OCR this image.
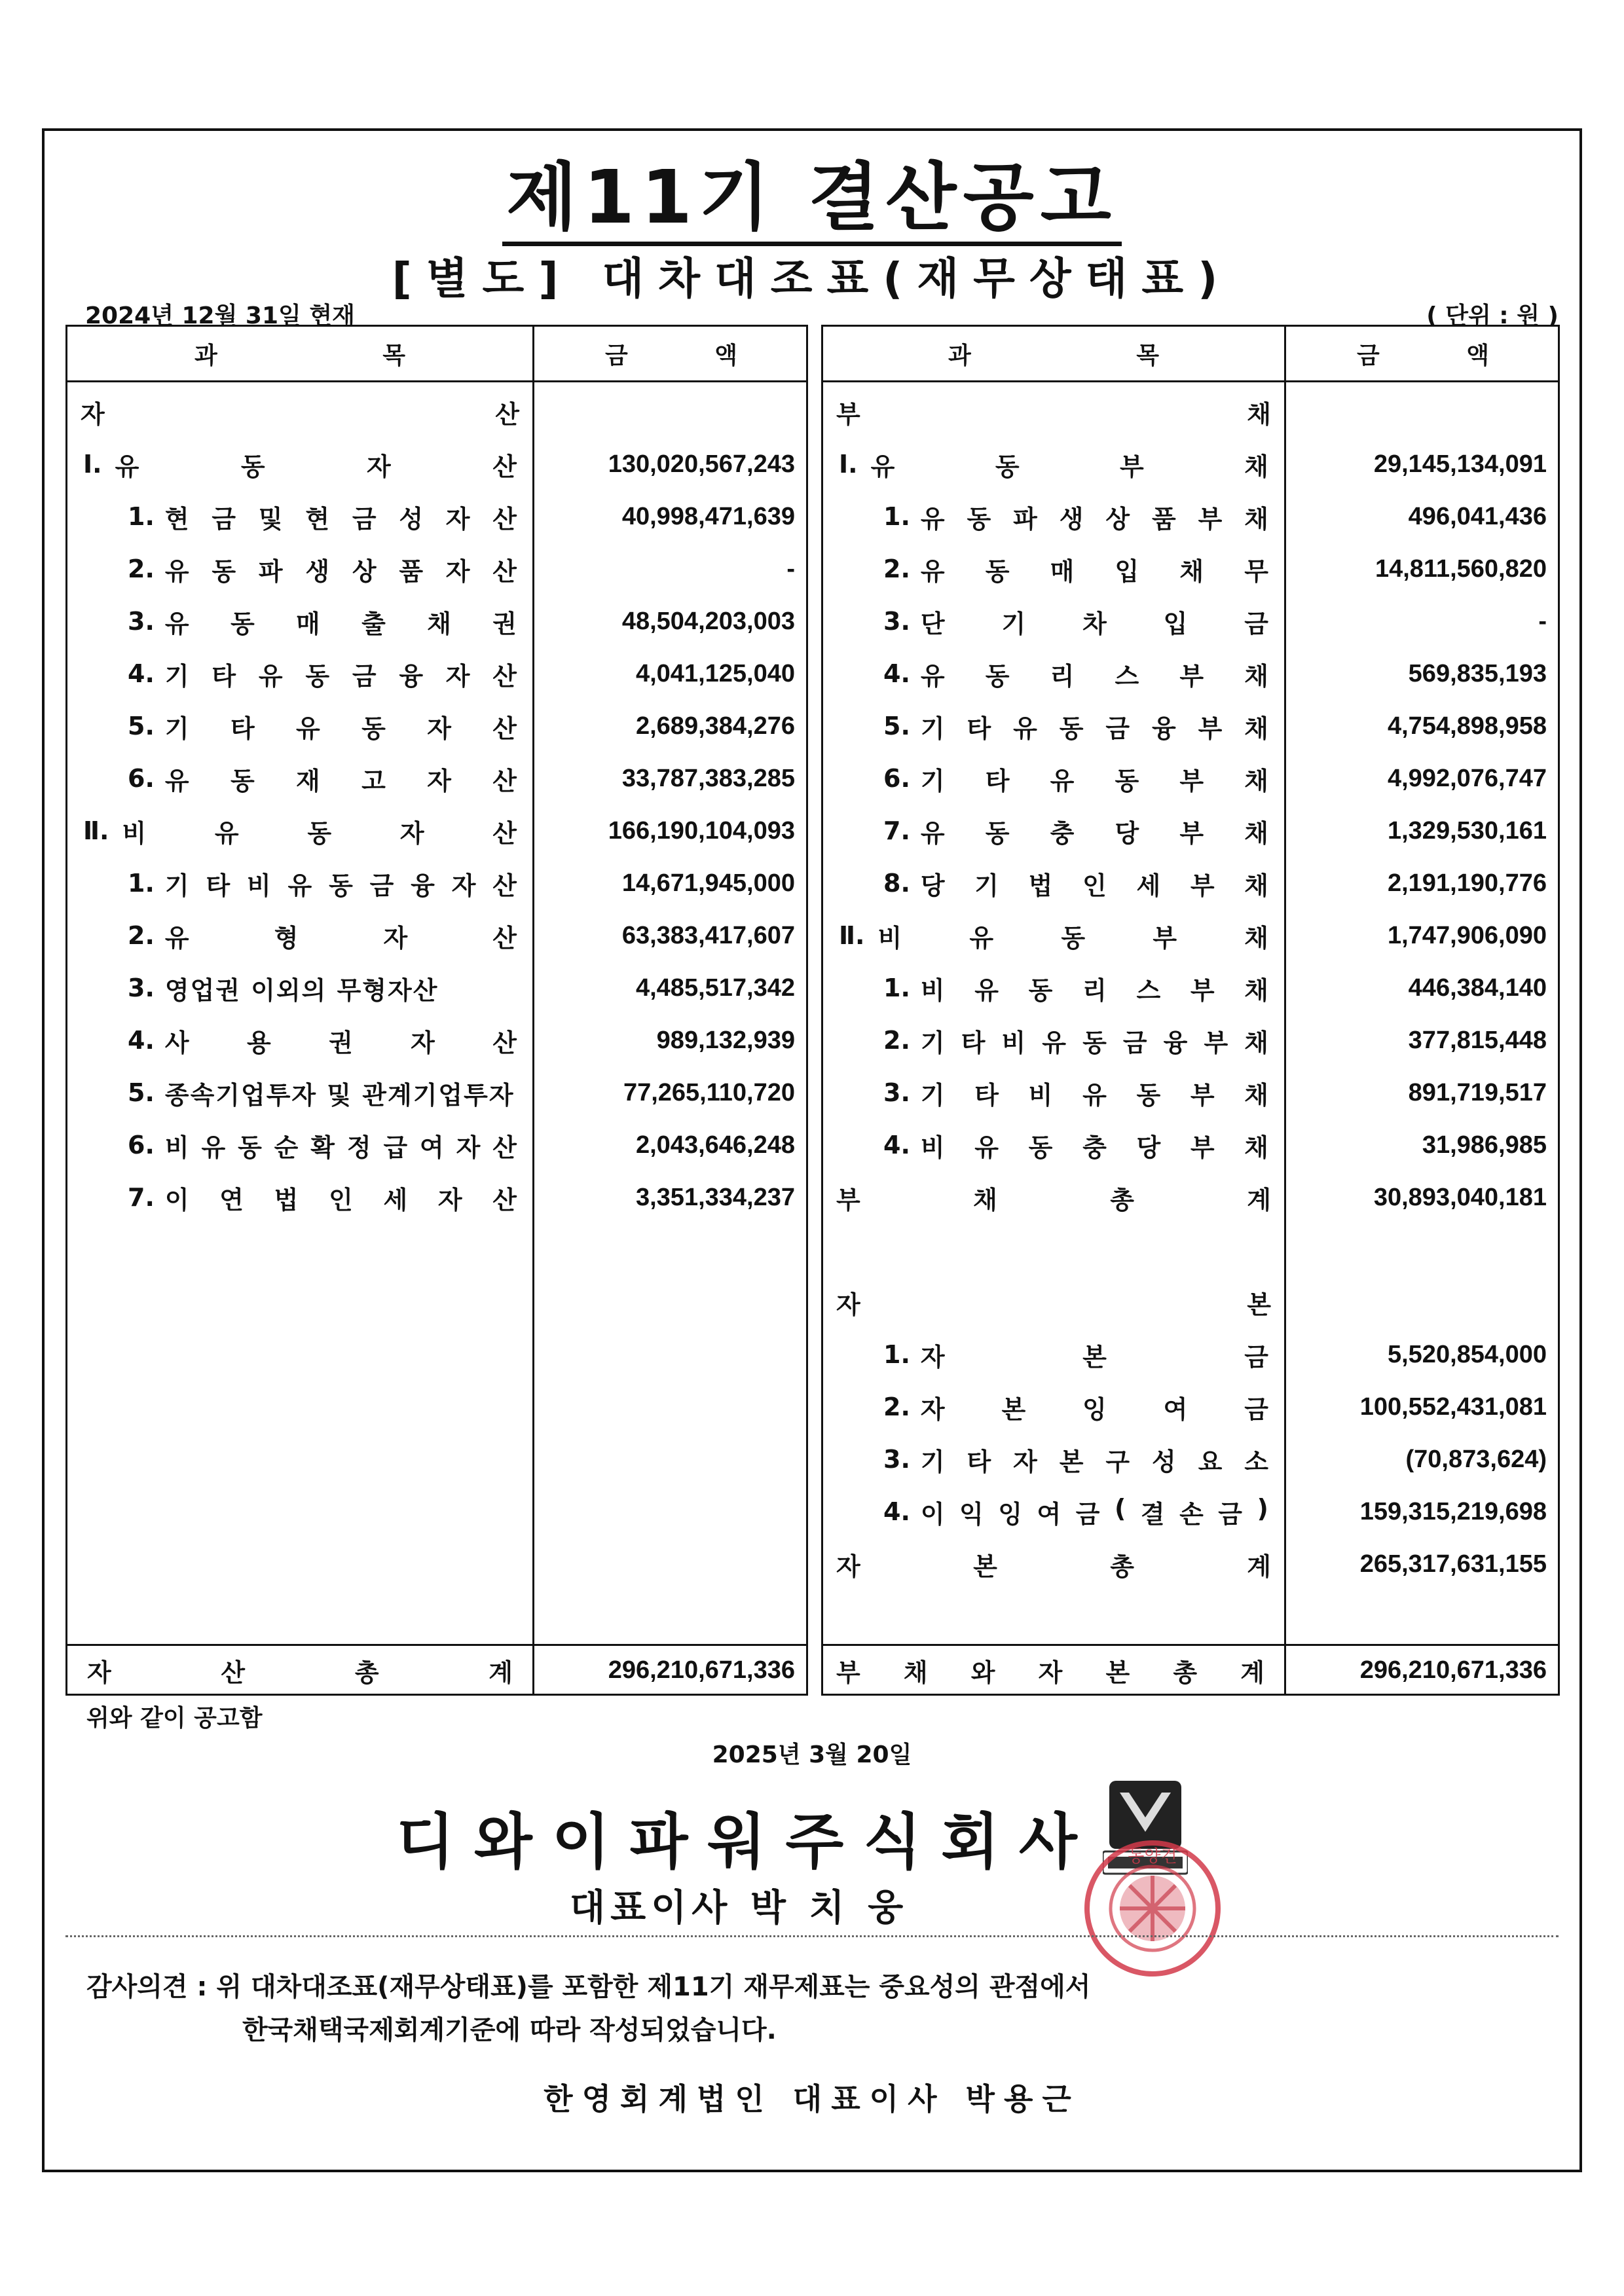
제11기 결산공고
[별도] 대차대조표(재무상태표)
2024년 12월 31일 현재	( 단위 : 원 )
과 목	금 액
자	산
Ⅰ. 유	동	자	산	130,020,567,243
1. 현 금 및 현 금 성 자 산	40,998,471,639
2. 유 동 파 생 상 품 자 산	-
3. 유 동 매 출 채 권	48,504,203,003
4. 기 타 유 동 금 융 자 산	4,041,125,040
5. 기 타 유 동 자 산	2,689,384,276
6. 유 동 재 고 자 산	33,787,383,285
Ⅱ. 비	유	동	자	산	166,190,104,093
1. 기 타 비 유 동 금 융 자 산	14,671,945,000
2. 유	형	자	산	63,383,417,607
3. 영업권 이외의 무형자산	4,485,517,342
4. 사 용 권 자 산	989,132,939
5. 종속기업투자 및 관계기업투자	77,265,110,720
6. 비 유 동 순 확 정 급 여 자 산	2,043,646,248
7. 이 연 법 인 세 자 산	3,351,334,237
자	산	총	계	296,210,671,336
과 목	금 액
부	채
Ⅰ. 유	동	부	채	29,145,134,091
1. 유 동 파 생 상 품 부 채	496,041,436
2. 유 동 매 입 채 무	14,811,560,820
3. 단 기 차 입 금	-
4. 유 동 리 스 부 채	569,835,193
5. 기 타 유 동 금 융 부 채	4,754,898,958
6. 기 타 유 동 부 채	4,992,076,747
7. 유 동 충 당 부 채	1,329,530,161
8. 당 기 법 인 세 부 채	2,191,190,776
Ⅱ. 비	유	동	부	채	1,747,906,090
1. 비 유 동 리 스 부 채	446,384,140
2. 기 타 비 유 동 금 융 부 채	377,815,448
3. 기 타 비 유 동 부 채	891,719,517
4. 비 유 동 충 당 부 채	31,986,985
부	채	총	계	30,893,040,181
자	본
1. 자	본	금	5,520,854,000
2. 자 본 잉 여 금	100,552,431,081
3. 기 타 자 본 구 성 요 소	(70,873,624)
4. 이 익 잉 여 금 ( 결 손 금 )	159,315,219,698
자	본	총	계	265,317,631,155
부 채 와 자 본 총 계	296,210,671,336
위와 같이 공고함
2025년 3월 20일
디와이파워주식회사
대표이사 박 치 웅
동양건
감사의견 : 위 대차대조표(재무상태표)를 포함한 제11기 재무제표는 중요성의 관점에서
한국채택국제회계기준에 따라 작성되었습니다.
한영회계법인 대표이사 박용근
